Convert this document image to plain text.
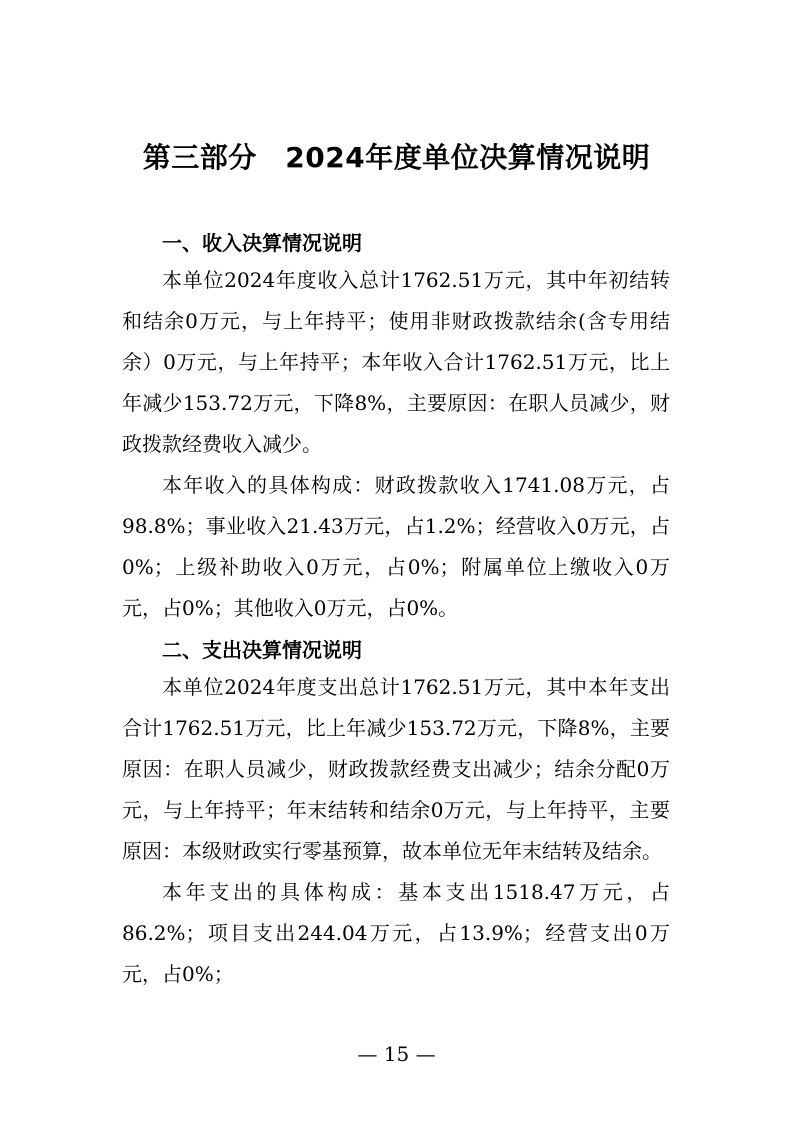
第三部分　2024年度单位决算情况说明
一、收入决算情况说明

本单位2024年度收入总计1762.51万元，其中年初结转和结余0万元，与上年持平；使用非财政拨款结余(含专用结余）0万元，与上年持平；本年收入合计1762.51万元，比上年减少153.72万元，下降8%，主要原因：在职人员减少，财政拨款经费收入减少。

本年收入的具体构成：财政拨款收入1741.08万元，占98.8%；事业收入21.43万元，占1.2%；经营收入0万元，占0%；上级补助收入0万元，占0%；附属单位上缴收入0万元，占0%；其他收入0万元，占0%。

二、支出决算情况说明

本单位2024年度支出总计1762.51万元，其中本年支出合计1762.51万元，比上年减少153.72万元，下降8%，主要原因：在职人员减少，财政拨款经费支出减少；结余分配0万元，与上年持平；年末结转和结余0万元，与上年持平，主要原因：本级财政实行零基预算，故本单位无年末结转及结余。

本年支出的具体构成：基本支出1518.47万元，占86.2%；项目支出244.04万元，占13.9%；经营支出0万元，占0%；

— 15 —
